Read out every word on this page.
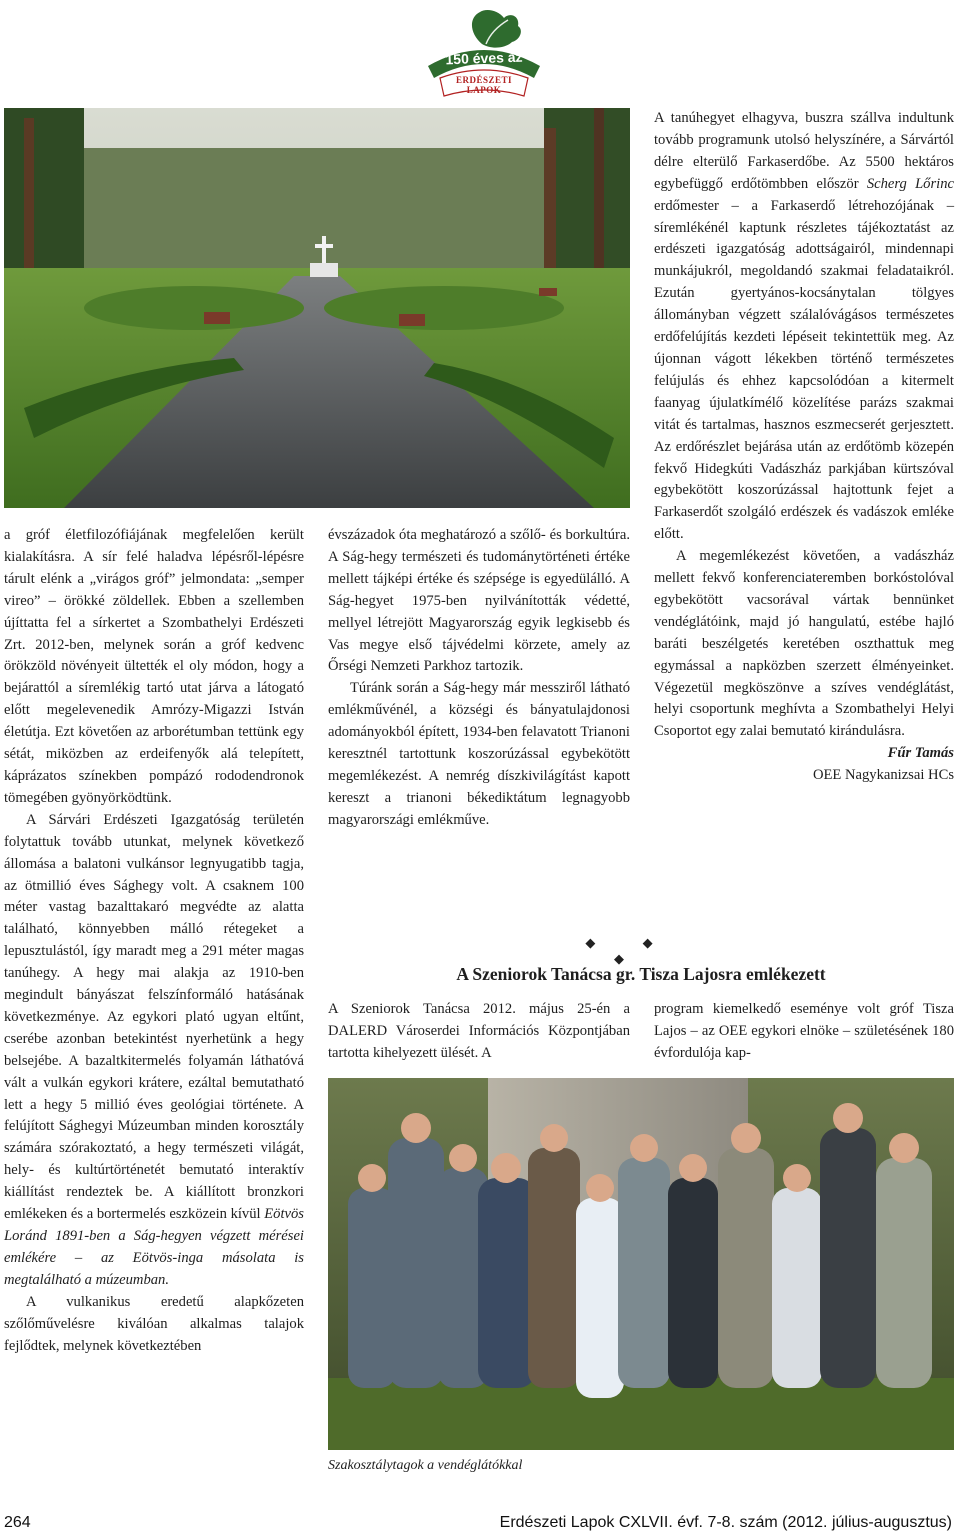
150 éves az
ERDÉSZETI
LAPOK

a gróf életfilozófiájának megfelelően került kialakításra. A sír felé haladva lépésről-lépésre tárult elénk a „virágos gróf” jelmondata: „semper vireo” – örökké zöldellek. Ebben a szellemben újíttatta fel a sírkertet a Szombathelyi Erdészeti Zrt. 2012-ben, melynek során a gróf kedvenc örökzöld növényeit ültették el oly módon, hogy a bejárattól a síremlékig tartó utat járva a látogató előtt megelevenedik Amrózy-Migazzi István életútja. Ezt követően az arborétumban tettünk egy sétát, miközben az erdeifenyők alá telepített, káprázatos színekben pompázó rododendronok tömegében gyönyörködtünk.

A Sárvári Erdészeti Igazgatóság területén folytattuk tovább utunkat, melynek következő állomása a balatoni vulkánsor legnyugatibb tagja, az ötmillió éves Sághegy volt. A csaknem 100 méter vastag bazalttakaró megvédte az alatta található, könnyebben málló rétegeket a lepusztulástól, így maradt meg a 291 méter magas tanúhegy. A hegy mai alakja az 1910-ben megindult bányászat felszínformáló hatásának következménye. Az egykori plató ugyan eltűnt, cserébe azonban betekintést nyerhetünk a hegy belsejébe. A bazaltkitermelés folyamán láthatóvá vált a vulkán egykori krátere, ezáltal bemutatható lett a hegy 5 millió éves geológiai története. A felújított Sághegyi Múzeumban minden korosztály számára szórakoztató, a hegy természeti világát, hely- és kultúrtörténetét bemutató interaktív kiállítást rendeztek be. A kiállított bronzkori emlékeken és a bortermelés eszközein kívül Eötvös Loránd 1891-ben a Ság-hegyen végzett mérései emlékére – az Eötvös-inga másolata is megtalálható a múzeumban.

A vulkanikus eredetű alapkőzeten szőlőművelésre kiválóan alkalmas talajok fejlődtek, melynek következtében

évszázadok óta meghatározó a szőlő- és borkultúra. A Ság-hegy természeti és tudománytörténeti értéke mellett tájképi értéke és szépsége is egyedülálló. A Ság-hegyet 1975-ben nyilvánították védetté, mellyel létrejött Magyarország egyik legkisebb és Vas megye első tájvédelmi körzete, amely az Őrségi Nemzeti Parkhoz tartozik.

Túránk során a Ság-hegy már messziről látható emlékművénél, a községi és bányatulajdonosi adományokból épített, 1934-ben felavatott Trianoni keresztnél tartottunk koszorúzással egybekötött megemlékezést. A nemrég díszkivilágítást kapott kereszt a trianoni békediktátum legnagyobb magyarországi emlékműve.

A tanúhegyet elhagyva, buszra szállva indultunk tovább programunk utolsó helyszínére, a Sárvártól délre elterülő Farkaserdőbe. Az 5500 hektáros egybefüggő erdőtömbben először Scherg Lőrinc erdőmester – a Farkaserdő létrehozójának – síremlékénél kaptunk részletes tájékoztatást az erdészeti igazgatóság adottságairól, mindennapi munkájukról, megoldandó szakmai feladataikról. Ezután gyertyános-kocsánytalan tölgyes állományban végzett szálalóvágásos természetes erdőfelújítás kezdeti lépéseit tekintettük meg. Az újonnan vágott lékekben történő természetes felújulás és ehhez kapcsolódóan a kitermelt faanyag újulatkímélő közelítése parázs szakmai vitát és tartalmas, hasznos eszmecserét gerjesztett. Az erdőrészlet bejárása után az erdőtömb közepén fekvő Hidegkúti Vadászház parkjában kürtszóval egybekötött koszorúzással hajtottunk fejet a Farkaserdőt szolgáló erdészek és vadászok emléke előtt.

A megemlékezést követően, a vadászház mellett fekvő konferenciateremben borkóstolóval egybekötött vacsorával vártak bennünket vendéglátóink, majd jó hangulatú, estébe hajló baráti beszélgetés keretében oszthattuk meg egymással a napközben szerzett élményeinket. Végezetül megköszönve a szíves vendéglátást, helyi csoportunk meghívta a Szombathelyi Helyi Csoportot egy zalai bemutató kirándulásra.

Fűr Tamás
OEE Nagykanizsai HCs
◆ ◆ ◆
A Szeniorok Tanácsa gr. Tisza Lajosra emlékezett

A Szeniorok Tanácsa 2012. május 25-én a DALERD Városerdei Információs Központjában tartotta kihelyezett ülését. A

program kiemelkedő eseménye volt gróf Tisza Lajos – az OEE egykori elnöke – születésének 180 évfordulója kap-

Szakosztálytagok a vendéglátókkal
264	Erdészeti Lapok CXLVII. évf. 7-8. szám (2012. július-augusztus)
